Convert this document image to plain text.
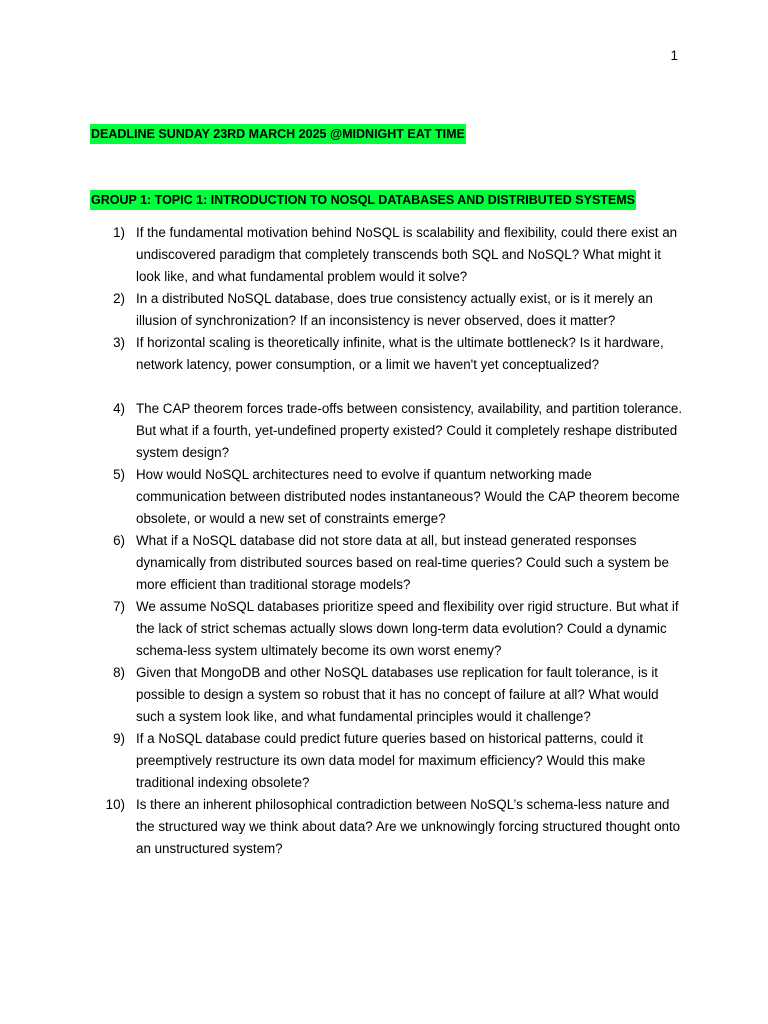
1
DEADLINE SUNDAY 23RD MARCH 2025 @MIDNIGHT EAT TIME
GROUP 1: TOPIC 1: INTRODUCTION TO NOSQL DATABASES AND DISTRIBUTED SYSTEMS
1) If the fundamental motivation behind NoSQL is scalability and flexibility, could there exist an undiscovered paradigm that completely transcends both SQL and NoSQL? What might it look like, and what fundamental problem would it solve?
2) In a distributed NoSQL database, does true consistency actually exist, or is it merely an illusion of synchronization? If an inconsistency is never observed, does it matter?
3) If horizontal scaling is theoretically infinite, what is the ultimate bottleneck? Is it hardware, network latency, power consumption, or a limit we haven't yet conceptualized?
4) The CAP theorem forces trade-offs between consistency, availability, and partition tolerance. But what if a fourth, yet-undefined property existed? Could it completely reshape distributed system design?
5) How would NoSQL architectures need to evolve if quantum networking made communication between distributed nodes instantaneous? Would the CAP theorem become obsolete, or would a new set of constraints emerge?
6) What if a NoSQL database did not store data at all, but instead generated responses dynamically from distributed sources based on real-time queries? Could such a system be more efficient than traditional storage models?
7) We assume NoSQL databases prioritize speed and flexibility over rigid structure. But what if the lack of strict schemas actually slows down long-term data evolution? Could a dynamic schema-less system ultimately become its own worst enemy?
8) Given that MongoDB and other NoSQL databases use replication for fault tolerance, is it possible to design a system so robust that it has no concept of failure at all? What would such a system look like, and what fundamental principles would it challenge?
9) If a NoSQL database could predict future queries based on historical patterns, could it preemptively restructure its own data model for maximum efficiency? Would this make traditional indexing obsolete?
10) Is there an inherent philosophical contradiction between NoSQL’s schema-less nature and the structured way we think about data? Are we unknowingly forcing structured thought onto an unstructured system?
